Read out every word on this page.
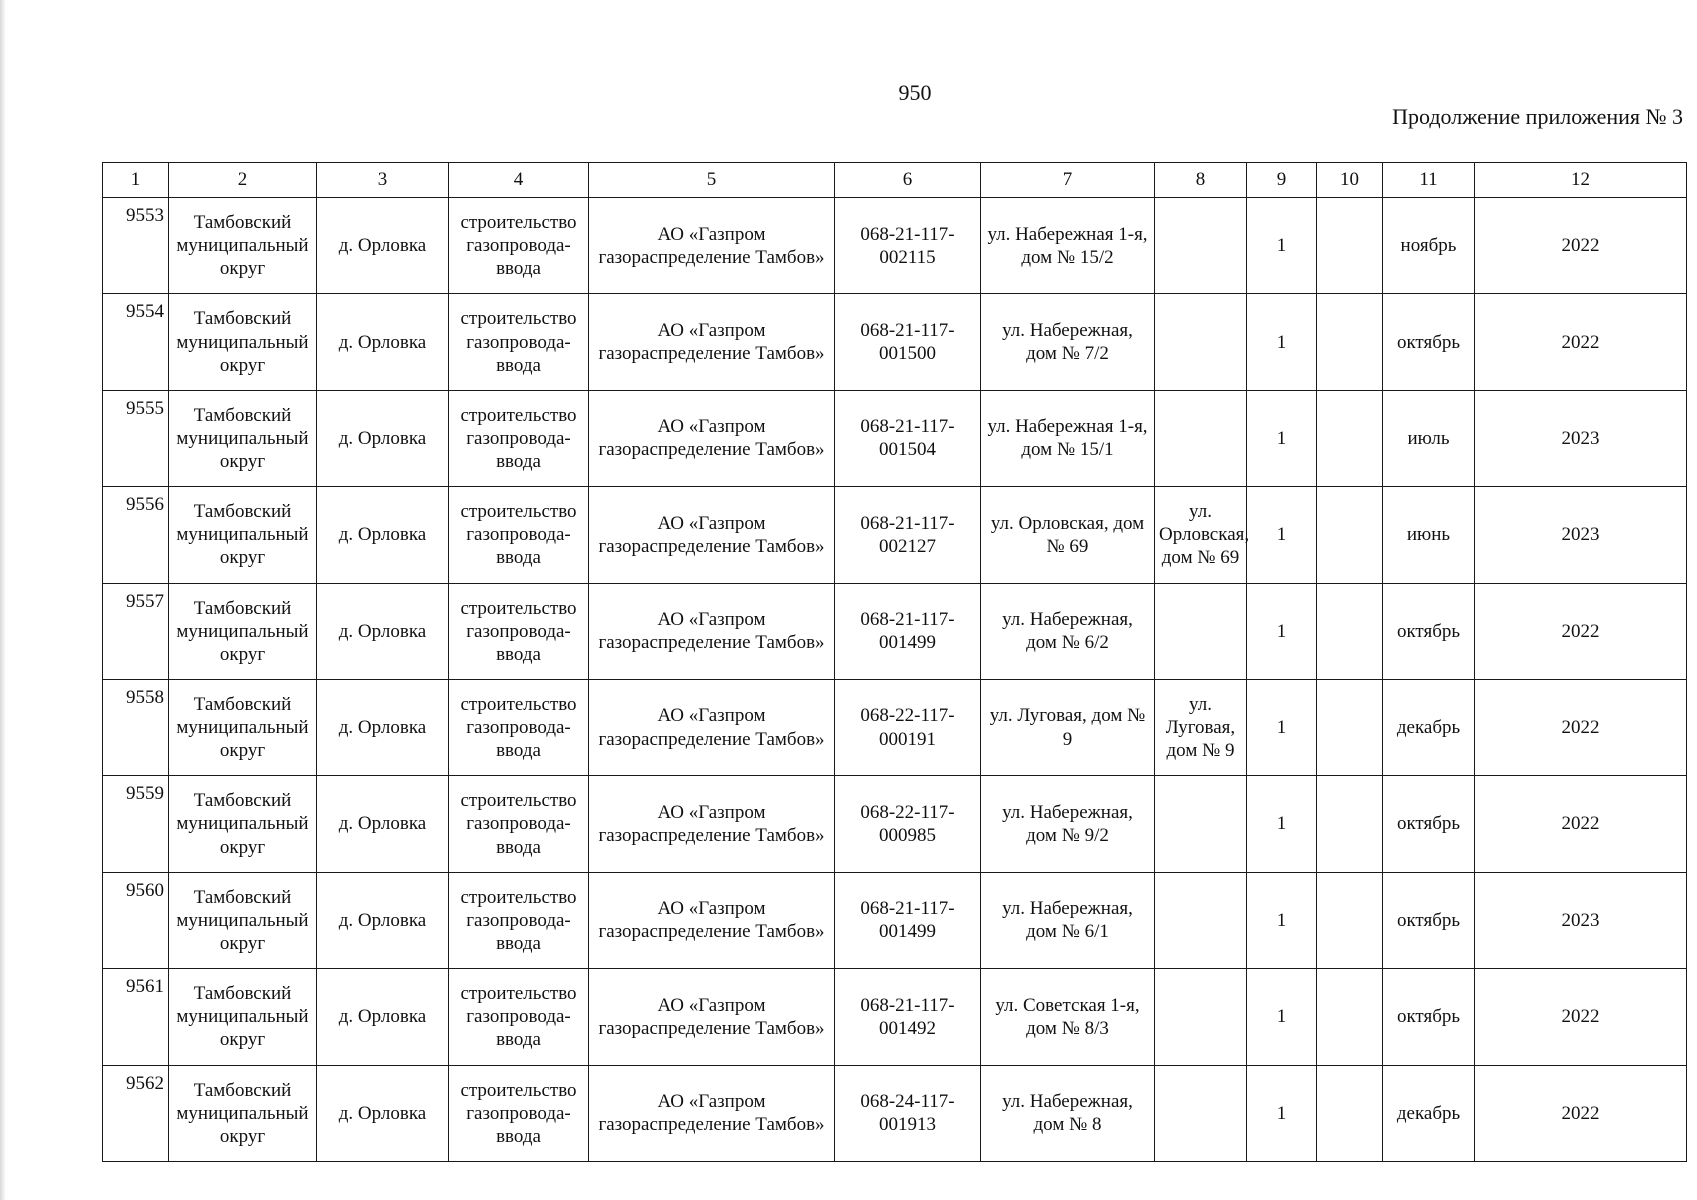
950
Продолжение приложения № 3
1	2	3	4	5	6	7	8	9	10	11	12
9553	Тамбовский муниципальный округ	д. Орловка	строительство газопровода-ввода	АО «Газпром газораспределение Тамбов»	068-21-117-002115	ул. Набережная 1-я, дом № 15/2		1		ноябрь	2022
9554	Тамбовский муниципальный округ	д. Орловка	строительство газопровода-ввода	АО «Газпром газораспределение Тамбов»	068-21-117-001500	ул. Набережная, дом № 7/2		1		октябрь	2022
9555	Тамбовский муниципальный округ	д. Орловка	строительство газопровода-ввода	АО «Газпром газораспределение Тамбов»	068-21-117-001504	ул. Набережная 1-я, дом № 15/1		1		июль	2023
9556	Тамбовский муниципальный округ	д. Орловка	строительство газопровода-ввода	АО «Газпром газораспределение Тамбов»	068-21-117-002127	ул. Орловская, дом № 69	ул. Орловская, дом № 69	1		июнь	2023
9557	Тамбовский муниципальный округ	д. Орловка	строительство газопровода-ввода	АО «Газпром газораспределение Тамбов»	068-21-117-001499	ул. Набережная, дом № 6/2		1		октябрь	2022
9558	Тамбовский муниципальный округ	д. Орловка	строительство газопровода-ввода	АО «Газпром газораспределение Тамбов»	068-22-117-000191	ул. Луговая, дом № 9	ул. Луговая, дом № 9	1		декабрь	2022
9559	Тамбовский муниципальный округ	д. Орловка	строительство газопровода-ввода	АО «Газпром газораспределение Тамбов»	068-22-117-000985	ул. Набережная, дом № 9/2		1		октябрь	2022
9560	Тамбовский муниципальный округ	д. Орловка	строительство газопровода-ввода	АО «Газпром газораспределение Тамбов»	068-21-117-001499	ул. Набережная, дом № 6/1		1		октябрь	2023
9561	Тамбовский муниципальный округ	д. Орловка	строительство газопровода-ввода	АО «Газпром газораспределение Тамбов»	068-21-117-001492	ул. Советская 1-я, дом № 8/3		1		октябрь	2022
9562	Тамбовский муниципальный округ	д. Орловка	строительство газопровода-ввода	АО «Газпром газораспределение Тамбов»	068-24-117-001913	ул. Набережная, дом № 8		1		декабрь	2022
